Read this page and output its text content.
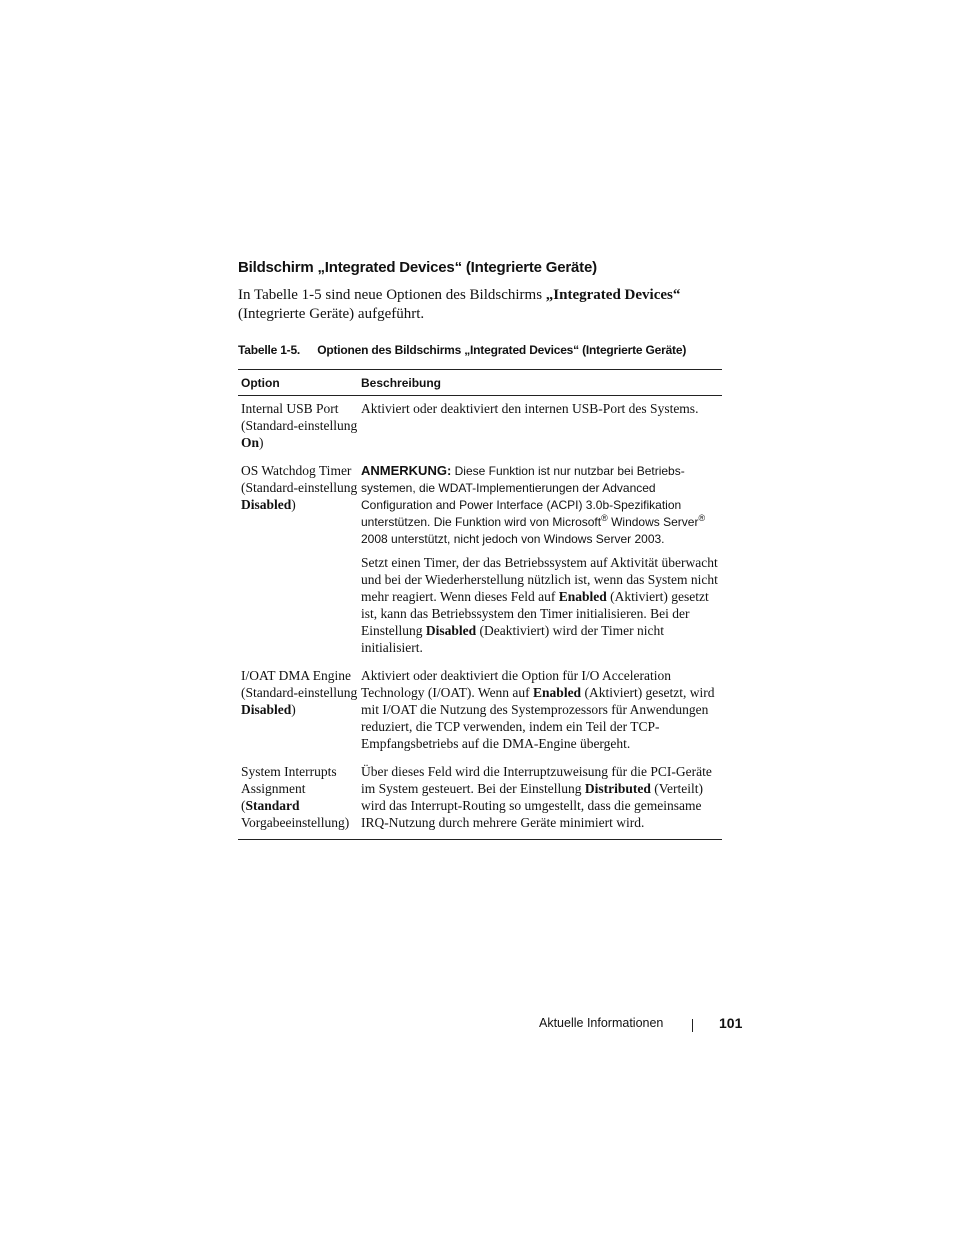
Bildschirm „Integrated Devices“ (Integrierte Geräte)
In Tabelle 1-5 sind neue Optionen des Bildschirms „Integrated Devices“ (Integrierte Geräte) aufgeführt.
Tabelle 1-5. Optionen des Bildschirms „Integrated Devices“ (Integrierte Geräte)
Option	Beschreibung
Internal USB Port (Standard-einstellung On)
Aktiviert oder deaktiviert den internen USB-Port des Systems.
OS Watchdog Timer (Standard-einstellung Disabled)
ANMERKUNG: Diese Funktion ist nur nutzbar bei Betriebs-systemen, die WDAT-Implementierungen der Advanced Configuration and Power Interface (ACPI) 3.0b-Spezifikation unterstützen. Die Funktion wird von Microsoft® Windows Server® 2008 unterstützt, nicht jedoch von Windows Server 2003.
Setzt einen Timer, der das Betriebssystem auf Aktivität überwacht und bei der Wiederherstellung nützlich ist, wenn das System nicht mehr reagiert. Wenn dieses Feld auf Enabled (Aktiviert) gesetzt ist, kann das Betriebssystem den Timer initialisieren. Bei der Einstellung Disabled (Deaktiviert) wird der Timer nicht initialisiert.
I/OAT DMA Engine (Standard-einstellung Disabled)
Aktiviert oder deaktiviert die Option für I/O Acceleration Technology (I/OAT). Wenn auf Enabled (Aktiviert) gesetzt, wird mit I/OAT die Nutzung des Systemprozessors für Anwendungen reduziert, die TCP verwenden, indem ein Teil der TCP-Empfangsbetriebs auf die DMA-Engine übergeht.
System Interrupts Assignment (Standard Vorgabeeinstellung)
Über dieses Feld wird die Interruptzuweisung für die PCI-Geräte im System gesteuert. Bei der Einstellung Distributed (Verteilt) wird das Interrupt-Routing so umgestellt, dass die gemeinsame IRQ-Nutzung durch mehrere Geräte minimiert wird.
Aktuelle Informationen	101
